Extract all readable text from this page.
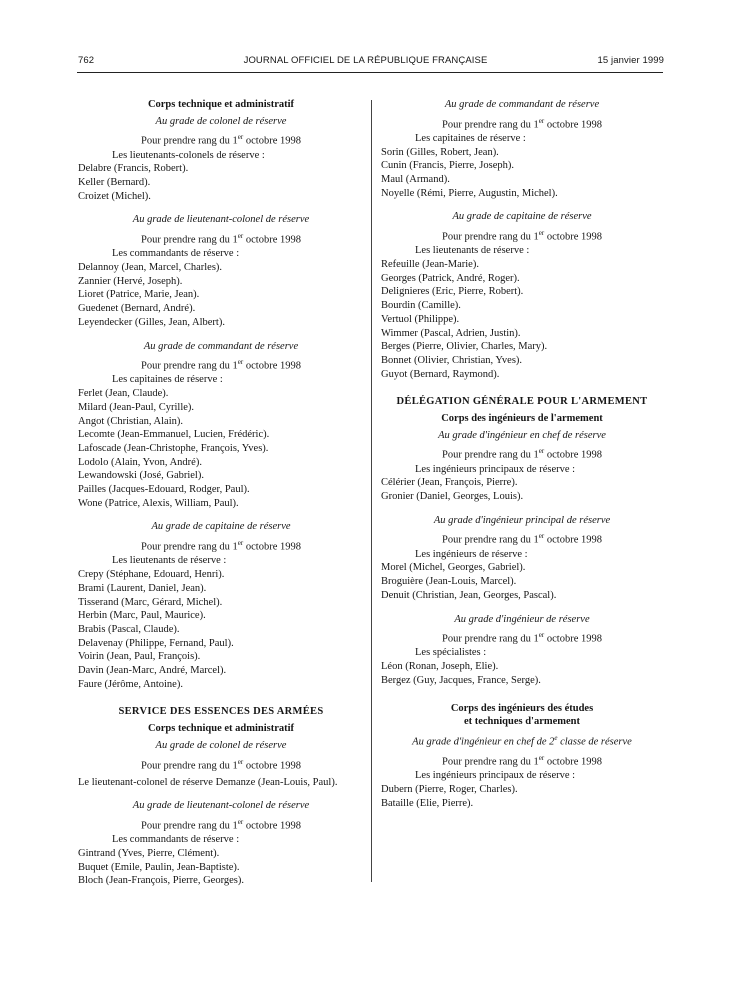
762	JOURNAL OFFICIEL DE LA RÉPUBLIQUE FRANÇAISE	15 janvier 1999
Corps technique et administratif
Au grade de colonel de réserve
Pour prendre rang du 1er octobre 1998
Les lieutenants-colonels de réserve :
Delabre (Francis, Robert).
Keller (Bernard).
Croizet (Michel).
Au grade de lieutenant-colonel de réserve
Pour prendre rang du 1er octobre 1998
Les commandants de réserve :
Delannoy (Jean, Marcel, Charles).
Zannier (Hervé, Joseph).
Lioret (Patrice, Marie, Jean).
Guedenet (Bernard, André).
Leyendecker (Gilles, Jean, Albert).
Au grade de commandant de réserve
Pour prendre rang du 1er octobre 1998
Les capitaines de réserve :
Ferlet (Jean, Claude).
Milard (Jean-Paul, Cyrille).
Angot (Christian, Alain).
Lecomte (Jean-Emmanuel, Lucien, Frédéric).
Lafoscade (Jean-Christophe, François, Yves).
Lodolo (Alain, Yvon, André).
Lewandowski (José, Gabriel).
Pailles (Jacques-Edouard, Rodger, Paul).
Wone (Patrice, Alexis, William, Paul).
Au grade de capitaine de réserve
Pour prendre rang du 1er octobre 1998
Les lieutenants de réserve :
Crepy (Stéphane, Edouard, Henri).
Brami (Laurent, Daniel, Jean).
Tisserand (Marc, Gérard, Michel).
Herbin (Marc, Paul, Maurice).
Brabis (Pascal, Claude).
Delavenay (Philippe, Fernand, Paul).
Voirin (Jean, Paul, François).
Davin (Jean-Marc, André, Marcel).
Faure (Jérôme, Antoine).
SERVICE DES ESSENCES DES ARMÉES
Corps technique et administratif
Au grade de colonel de réserve
Pour prendre rang du 1er octobre 1998
Le lieutenant-colonel de réserve Demanze (Jean-Louis, Paul).
Au grade de lieutenant-colonel de réserve
Pour prendre rang du 1er octobre 1998
Les commandants de réserve :
Gintrand (Yves, Pierre, Clément).
Buquet (Emile, Paulin, Jean-Baptiste).
Bloch (Jean-François, Pierre, Georges).
Au grade de commandant de réserve
Pour prendre rang du 1er octobre 1998
Les capitaines de réserve :
Sorin (Gilles, Robert, Jean).
Cunin (Francis, Pierre, Joseph).
Maul (Armand).
Noyelle (Rémi, Pierre, Augustin, Michel).
Au grade de capitaine de réserve
Pour prendre rang du 1er octobre 1998
Les lieutenants de réserve :
Refeuille (Jean-Marie).
Georges (Patrick, André, Roger).
Delignieres (Eric, Pierre, Robert).
Bourdin (Camille).
Vertuol (Philippe).
Wimmer (Pascal, Adrien, Justin).
Berges (Pierre, Olivier, Charles, Mary).
Bonnet (Olivier, Christian, Yves).
Guyot (Bernard, Raymond).
DÉLÉGATION GÉNÉRALE POUR L'ARMEMENT
Corps des ingénieurs de l'armement
Au grade d'ingénieur en chef de réserve
Pour prendre rang du 1er octobre 1998
Les ingénieurs principaux de réserve :
Célérier (Jean, François, Pierre).
Gronier (Daniel, Georges, Louis).
Au grade d'ingénieur principal de réserve
Pour prendre rang du 1er octobre 1998
Les ingénieurs de réserve :
Morel (Michel, Georges, Gabriel).
Broguière (Jean-Louis, Marcel).
Denuit (Christian, Jean, Georges, Pascal).
Au grade d'ingénieur de réserve
Pour prendre rang du 1er octobre 1998
Les spécialistes :
Léon (Ronan, Joseph, Elie).
Bergez (Guy, Jacques, France, Serge).
Corps des ingénieurs des études
et techniques d'armement
Au grade d'ingénieur en chef de 2e classe de réserve
Pour prendre rang du 1er octobre 1998
Les ingénieurs principaux de réserve :
Dubern (Pierre, Roger, Charles).
Bataille (Elie, Pierre).
